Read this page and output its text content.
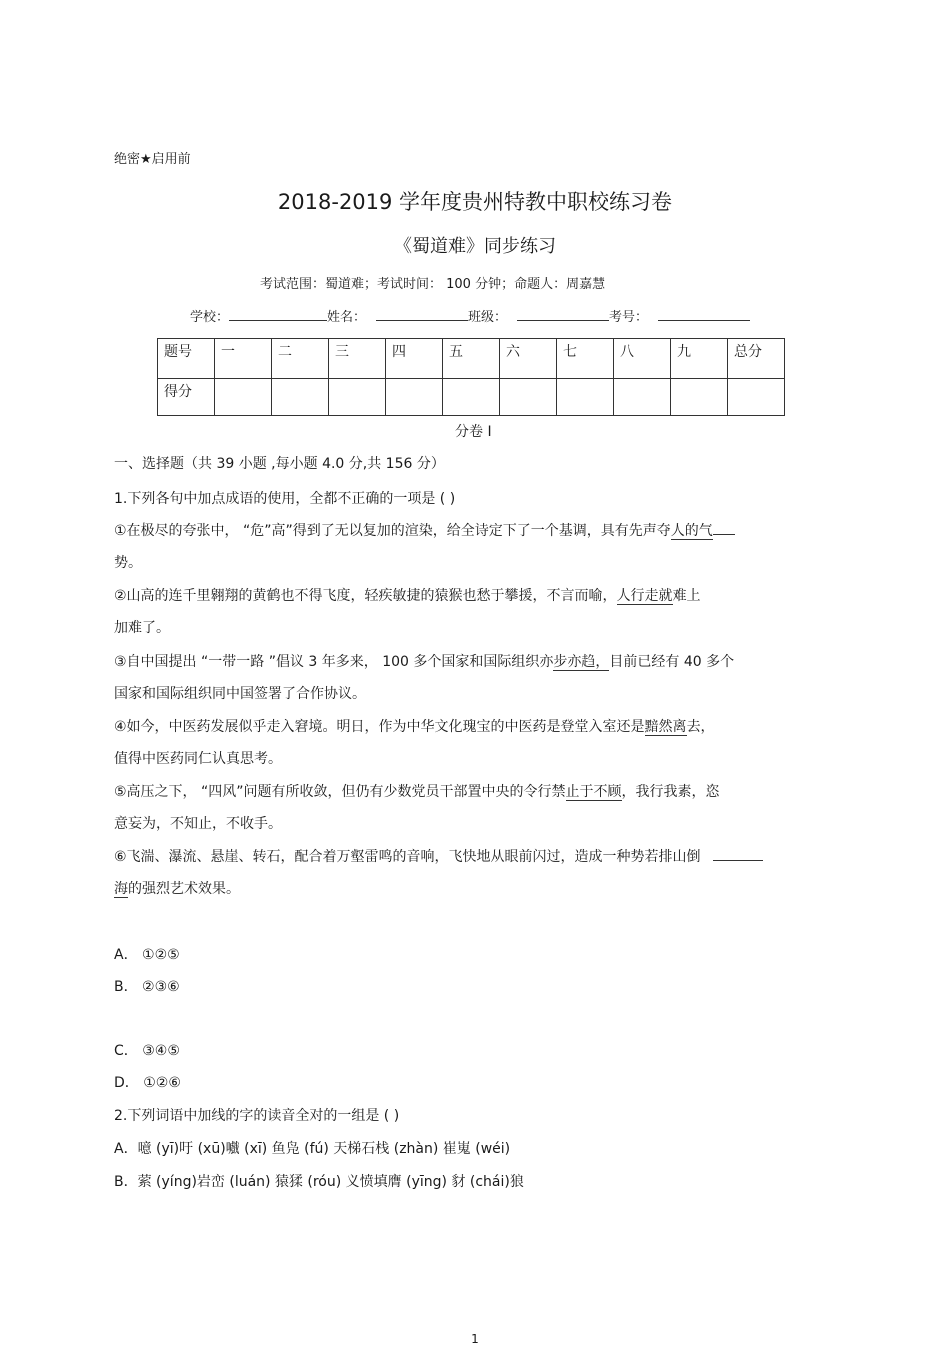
绝密★启用前
2018-2019 学年度贵州特教中职校练习卷
《蜀道难》同步练习
考试范围：蜀道难；考试时间： 100 分钟；命题人：周嘉慧
学校：	姓名：	班级：	考号：
题号	一	二	三	四	五	六	七	八	九	总分
得分										
分卷 Ⅰ
一、选择题（共 39 小题 ,每小题 4.0 分,共 156 分）
1.下列各句中加点成语的使用，全都不正确的一项是 ( )
①在极尽的夸张中， “危”高”得到了无以复加的渲染，给全诗定下了一个基调，具有先声夺人的气
势。
②山高的连千里翱翔的黄鹤也不得飞度，轻疾敏捷的猿猴也愁于攀援，不言而喻，人行走就难上
加难了。
③自中国提出 “一带一路 ”倡议 3 年多来， 100 多个国家和国际组织亦步亦趋，目前已经有 40 多个
国家和国际组织同中国签署了合作协议。
④如今，中医药发展似乎走入窘境。明日，作为中华文化瑰宝的中医药是登堂入室还是黯然离去，
值得中医药同仁认真思考。
⑤高压之下， “四风”问题有所收敛，但仍有少数党员干部置中央的令行禁止于不顾，我行我素，恣
意妄为，不知止，不收手。
⑥飞湍、瀑流、悬崖、转石，配合着万壑雷鸣的音响，飞快地从眼前闪过，造成一种势若排山倒
海的强烈艺术效果。
A． ①②⑤
B． ②③⑥
C． ③④⑤
D． ①②⑥
2.下列词语中加线的字的读音全对的一组是 ( )
A．噫 (yī)吁 (xū)嚱 (xī) 鱼凫 (fú) 天梯石栈 (zhàn) 崔嵬 (wéi)
B．萦 (yíng)岩峦 (luán) 猿猱 (róu) 义愤填膺 (yīng) 豺 (chái)狼
1
